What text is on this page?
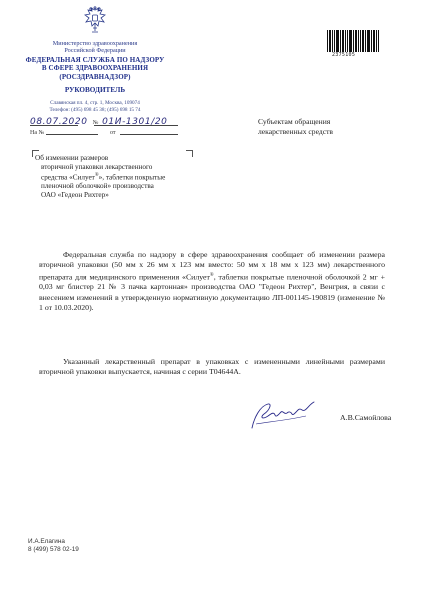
Министерство здравоохранения
Российской Федерации
ФЕДЕРАЛЬНАЯ СЛУЖБА ПО НАДЗОРУ
В СФЕРЕ ЗДРАВООХРАНЕНИЯ
(РОСЗДРАВНАДЗОР)
РУКОВОДИТЕЛЬ
Славянская пл. 4, стр. 1, Москва, 109074
Телефон: (495) 698 45 38; (495) 698 15 74
08.07.2020 № 01И-1301/20
На №	от
2375105
Субъектам обращения
лекарственных средств
Об изменении размеров
вторичной упаковки лекарственного
средства «Силует®», таблетки покрытые
пленочной оболочкой» производства
ОАО «Гедеон Рихтер»
Федеральная служба по надзору в сфере здравоохранения сообщает об изменении размера вторичной упаковки (50 мм х 26 мм х 123 мм вместо: 50 мм х 18 мм х 123 мм) лекарственного препарата для медицинского применения «Силует®, таблетки покрытые пленочной оболочкой 2 мг + 0,03 мг блистер 21 № 3 пачка картонная» производства ОАО "Гедеон Рихтер", Венгрия, в связи с внесением изменений в утвержденную нормативную документацию ЛП-001145-190819 (изменение № 1 от 10.03.2020).
Указанный лекарственный препарат в упаковках с измененными линейными размерами вторичной упаковки выпускается, начиная с серии Т04644А.
А.В.Самойлова
И.А.Елагина
8 (499) 578 02-19
